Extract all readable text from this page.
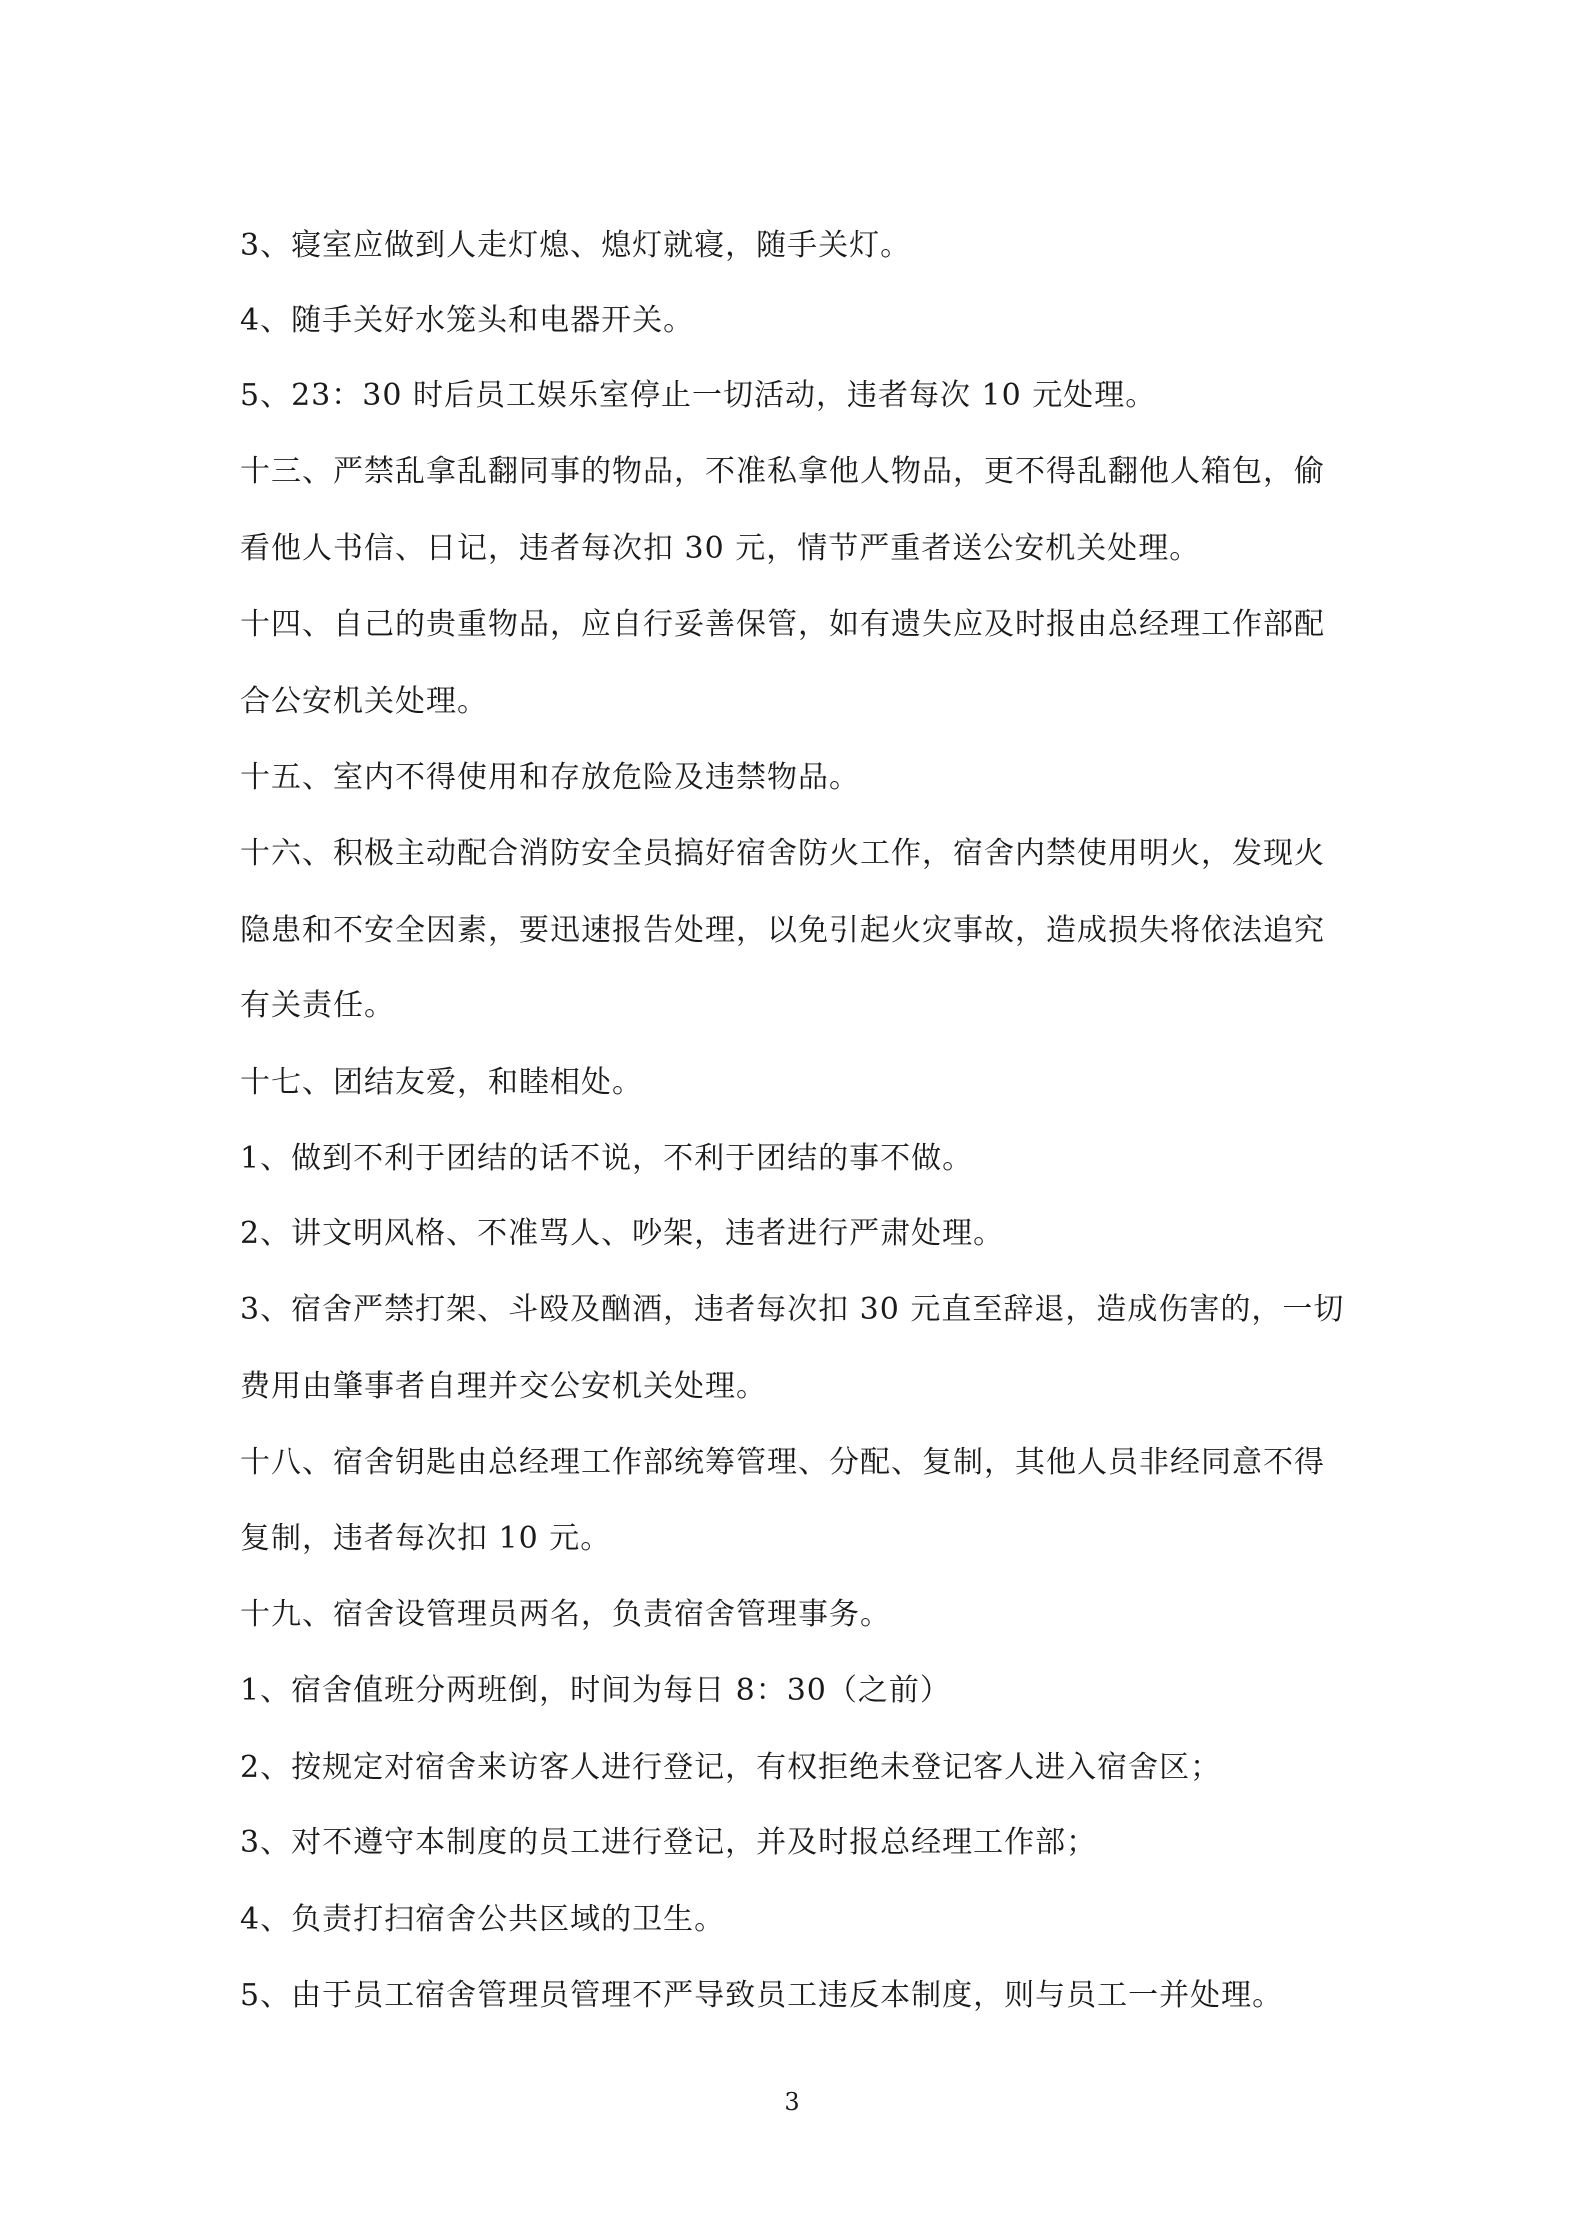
3、寝室应做到人走灯熄、熄灯就寝，随手关灯。
4、随手关好水笼头和电器开关。
5、23：30 时后员工娱乐室停止一切活动，违者每次 10 元处理。
十三、严禁乱拿乱翻同事的物品，不准私拿他人物品，更不得乱翻他人箱包，偷
看他人书信、日记，违者每次扣 30 元，情节严重者送公安机关处理。
十四、自己的贵重物品，应自行妥善保管，如有遗失应及时报由总经理工作部配
合公安机关处理。
十五、室内不得使用和存放危险及违禁物品。
十六、积极主动配合消防安全员搞好宿舍防火工作，宿舍内禁使用明火，发现火
隐患和不安全因素，要迅速报告处理，以免引起火灾事故，造成损失将依法追究
有关责任。
十七、团结友爱，和睦相处。
1、做到不利于团结的话不说，不利于团结的事不做。
2、讲文明风格、不准骂人、吵架，违者进行严肃处理。
3、宿舍严禁打架、斗殴及酗酒，违者每次扣 30 元直至辞退，造成伤害的，一切
费用由肇事者自理并交公安机关处理。
十八、宿舍钥匙由总经理工作部统筹管理、分配、复制，其他人员非经同意不得
复制，违者每次扣 10 元。
十九、宿舍设管理员两名，负责宿舍管理事务。
1、宿舍值班分两班倒，时间为每日 8：30（之前）
2、按规定对宿舍来访客人进行登记，有权拒绝未登记客人进入宿舍区；
3、对不遵守本制度的员工进行登记，并及时报总经理工作部；
4、负责打扫宿舍公共区域的卫生。
5、由于员工宿舍管理员管理不严导致员工违反本制度，则与员工一并处理。
3
